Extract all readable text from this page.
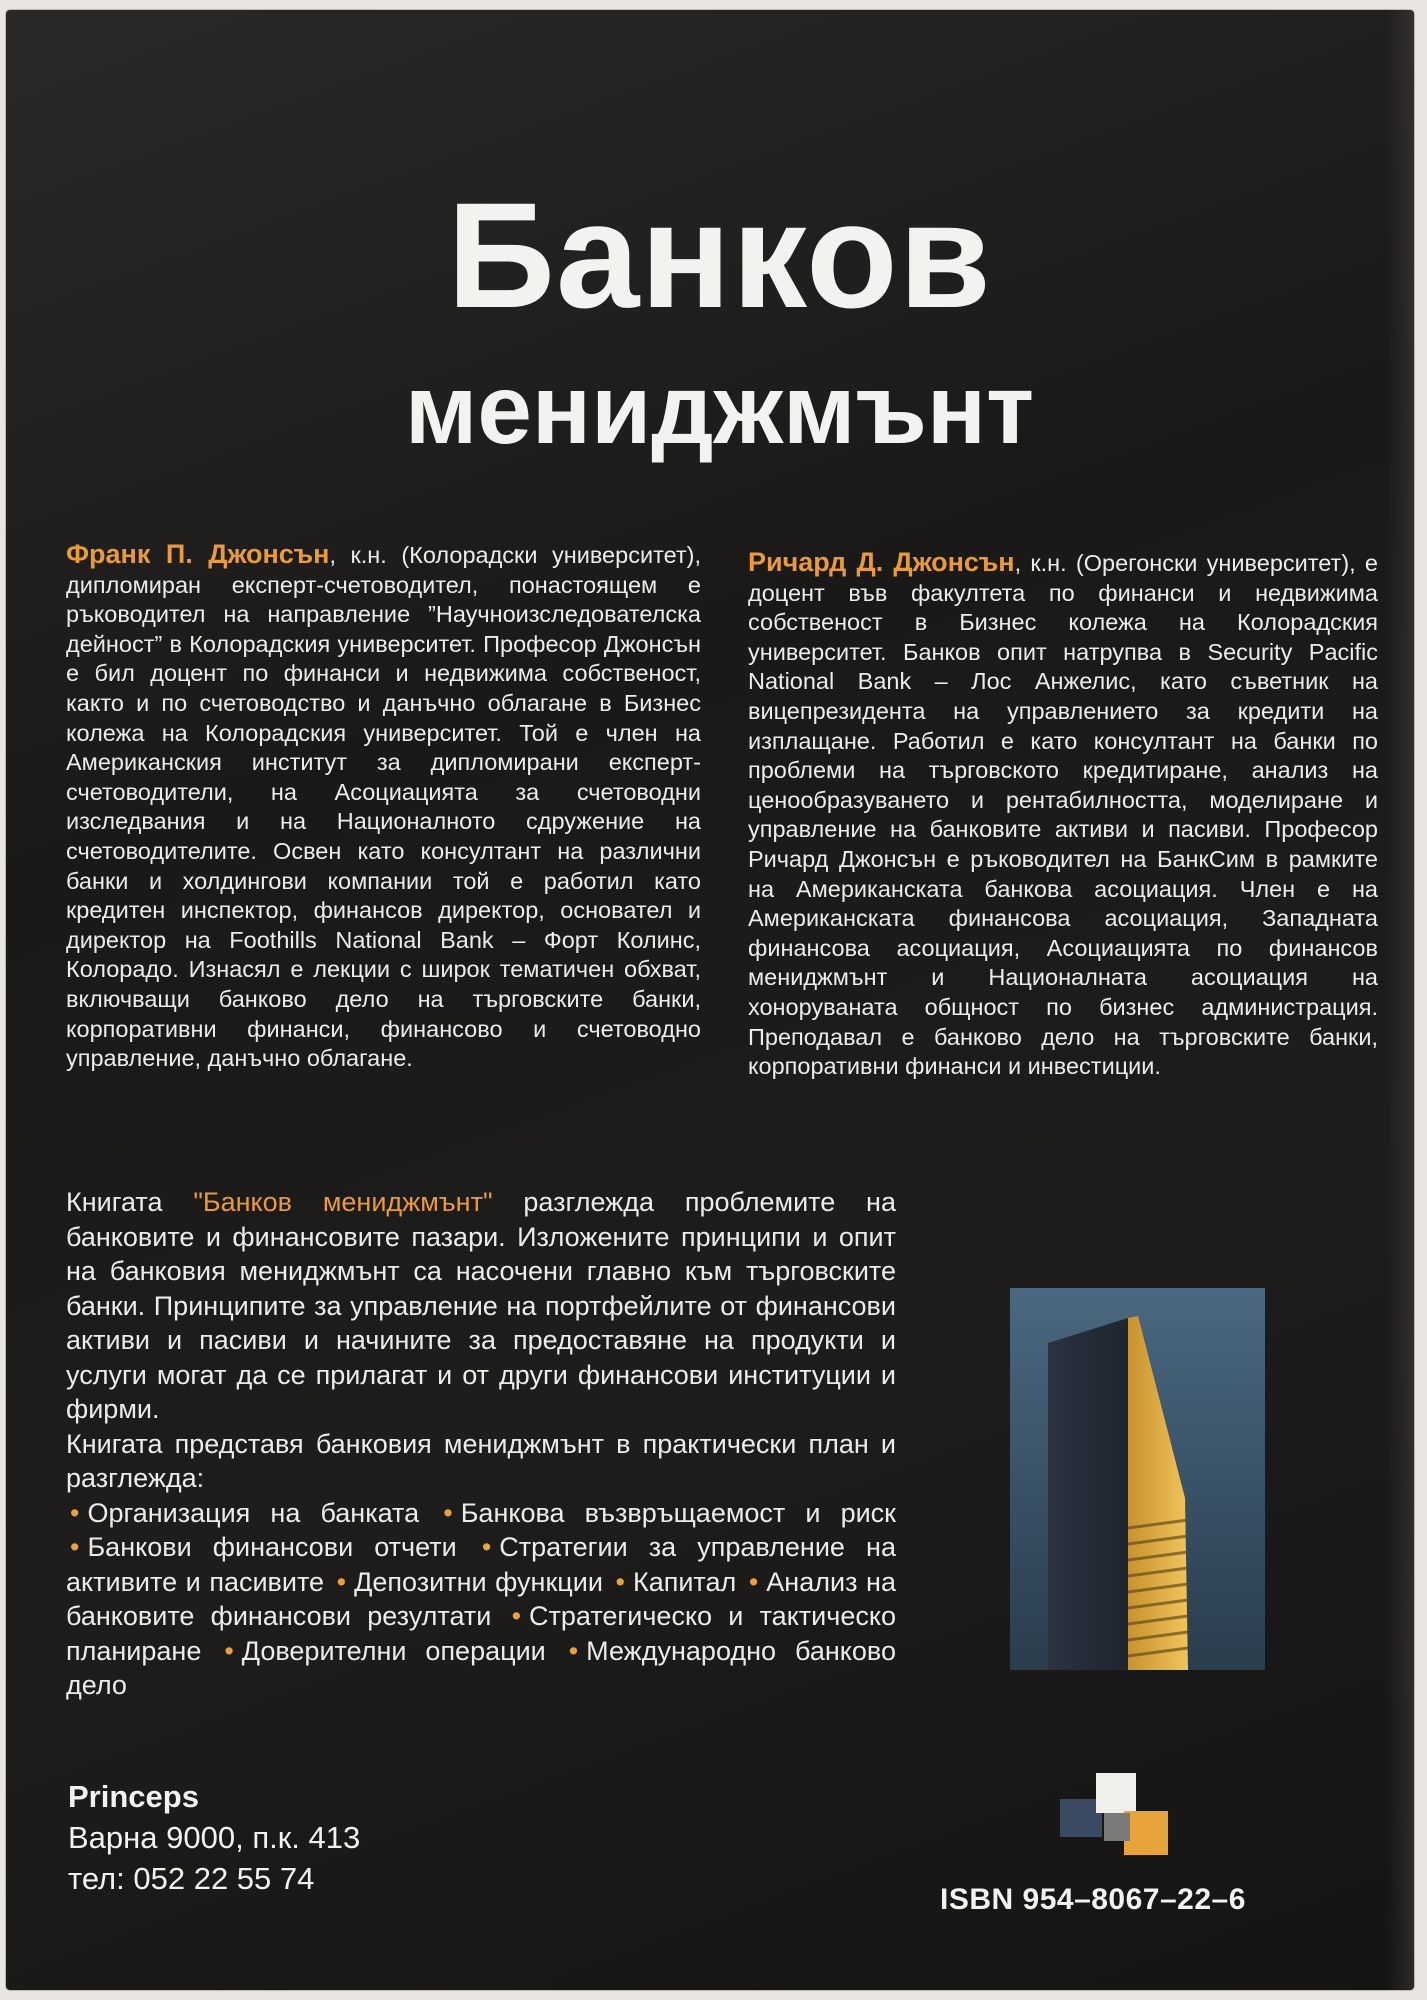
Банков
мениджмънт
Франк П. Джонсън, к.н. (Колорадски университет), дипломиран експерт-счетоводител, понастоящем е ръководител на направление ”Научноизследователска дейност” в Колорадския университет. Професор Джонсън е бил доцент по финанси и недвижима собственост, както и по счетоводство и данъчно облагане в Бизнес колежа на Колорадския университет. Той е член на Американския институт за дипломирани експерт-счетоводители, на Асоциацията за счетоводни изследвания и на Националното сдружение на счетоводителите. Освен като консултант на различни банки и холдингови компании той е работил като кредитен инспектор, финансов директор, основател и директор на Foothills National Bank – Форт Колинс, Колорадо. Изнасял е лекции с широк тематичен обхват, включващи банково дело на търговските банки, корпоративни финанси, финансово и счетоводно управление, данъчно облагане.
Ричард Д. Джонсън, к.н. (Орегонски университет), е доцент във факултета по финанси и недвижима собственост в Бизнес колежа на Колорадския университет. Банков опит натрупва в Security Pacific National Bank – Лос Анжелис, като съветник на вицепрезидента на управлението за кредити на изплащане. Работил е като консултант на банки по проблеми на търговското кредитиране, анализ на ценообразуването и рентабилността, моделиране и управление на банковите активи и пасиви. Професор Ричард Джонсън е ръководител на БанкСим в рамките на Американската банкова асоциация. Член е на Американската финансова асоциация, Западната финансова асоциация, Асоциацията по финансов мениджмънт и Националната асоциация на хоноруваната общност по бизнес администрация. Преподавал е банково дело на търговските банки, корпоративни финанси и инвестиции.

Книгата "Банков мениджмънт" разглежда проблемите на банковите и финансовите пазари. Изложените принципи и опит на банковия мениджмънт са насочени главно към търговските банки. Принципите за управление на портфейлите от финансови активи и пасиви и начините за предоставяне на продукти и услуги могат да се прилагат и от други финансови институции и фирми.

Книгата представя банковия мениджмънт в практически план и разглежда:

• Организация на банката • Банкова възвръщаемост и риск • Банкови финансови отчети • Стратегии за управление на активите и пасивите • Депозитни функции • Капитал • Анализ на банковите финансови резултати • Стратегическо и тактическо планиране • Доверителни операции • Международно банково дело

Princeps
Варна 9000, п.к. 413
тел: 052 22 55 74
ISBN 954–8067–22–6
